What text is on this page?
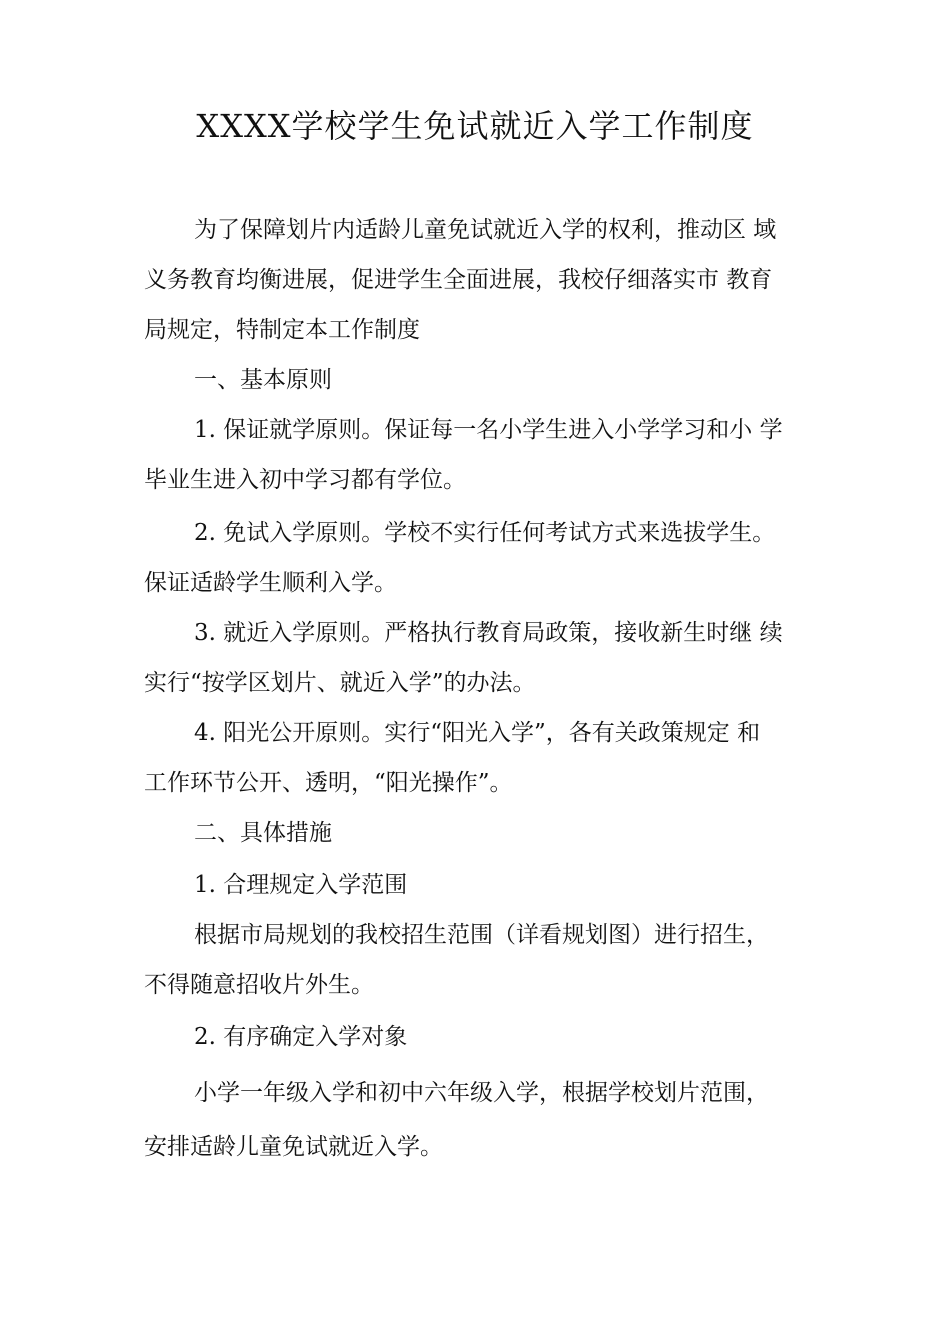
XXXX学校学生免试就近入学工作制度
为了保障划片内适龄儿童免试就近入学的权利，推动区 域
义务教育均衡进展，促进学生全面进展，我校仔细落实市 教育
局规定，特制定本工作制度
一、基本原则
1. 保证就学原则。保证每一名小学生进入小学学习和小 学
毕业生进入初中学习都有学位。
2. 免试入学原则。学校不实行任何考试方式来选拔学生。
保证适龄学生顺利入学。
3. 就近入学原则。严格执行教育局政策，接收新生时继 续
实行“按学区划片、就近入学”的办法。
4. 阳光公开原则。实行“阳光入学”，各有关政策规定 和
工作环节公开、透明，“阳光操作”。
二、具体措施
1. 合理规定入学范围
根据市局规划的我校招生范围（详看规划图）进行招生，
不得随意招收片外生。
2. 有序确定入学对象
小学一年级入学和初中六年级入学，根据学校划片范围，
安排适龄儿童免试就近入学。
